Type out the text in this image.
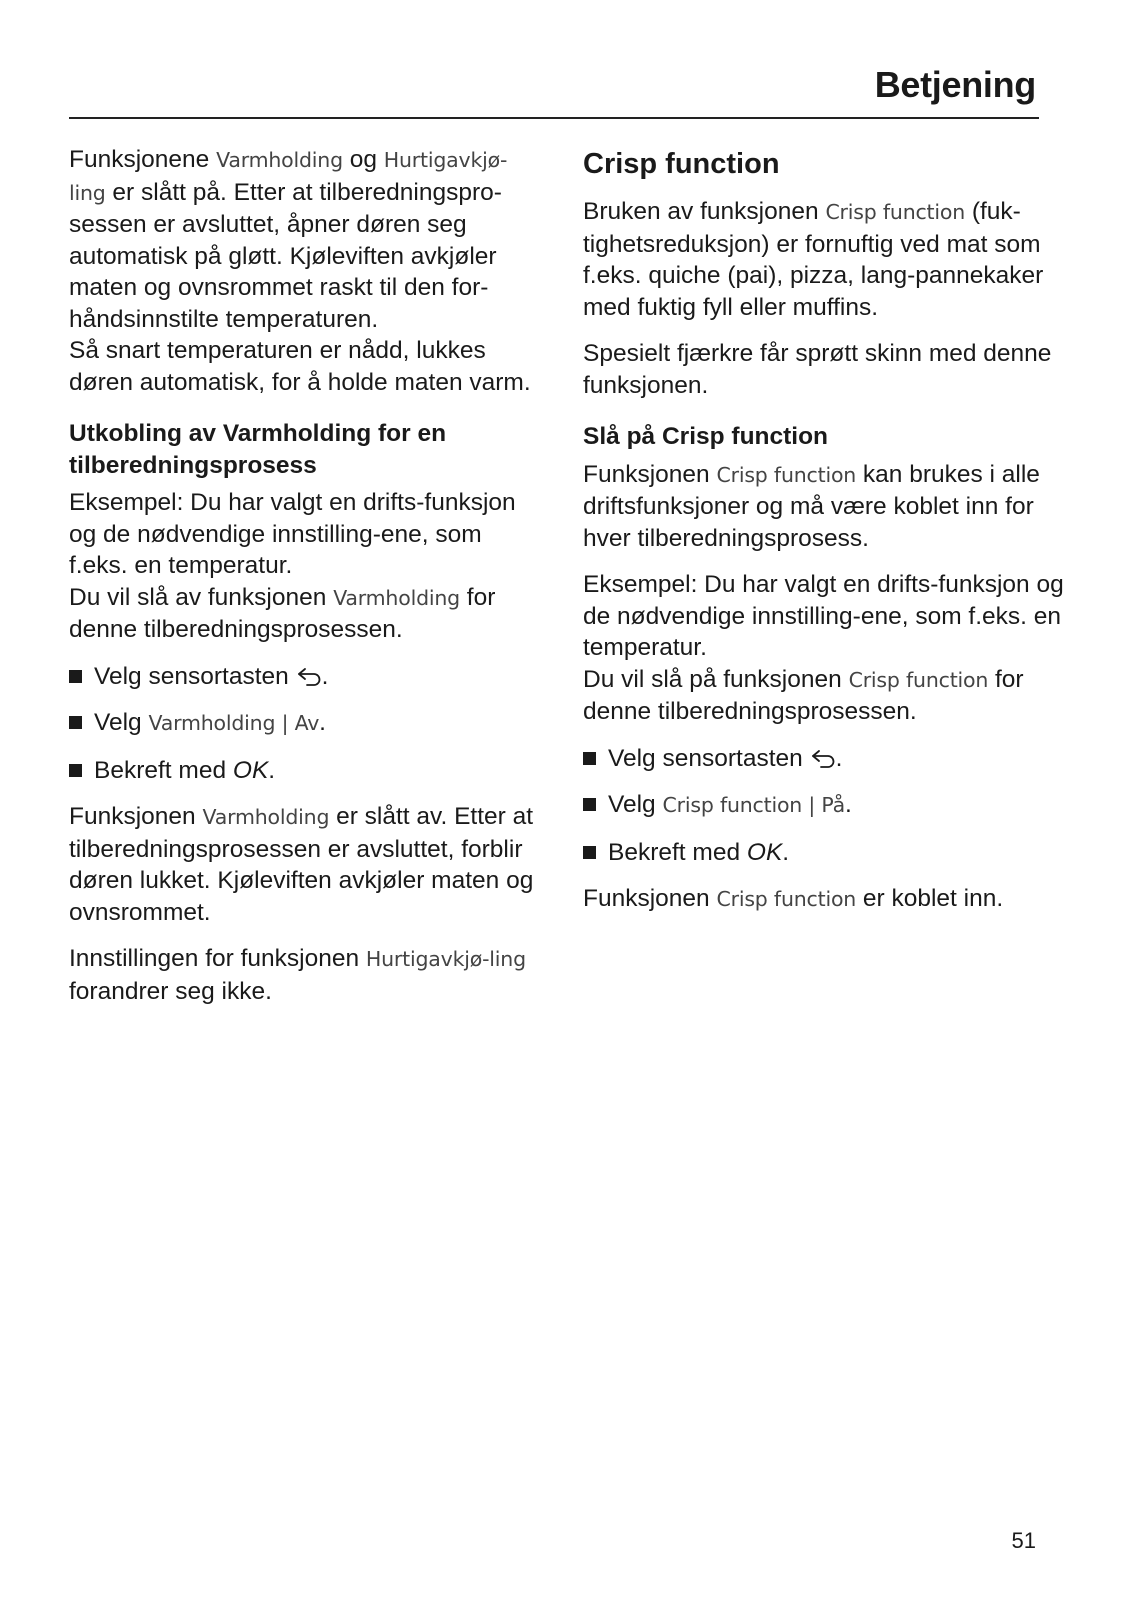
Betjening

Funksjonene Varmholding og Hurtigavkjø-ling er slått på. Etter at tilberedningspro-sessen er avsluttet, åpner døren seg automatisk på gløtt. Kjøleviften avkjøler maten og ovnsrommet raskt til den for-håndsinnstilte temperaturen.
Så snart temperaturen er nådd, lukkes døren automatisk, for å holde maten varm.

Utkobling av Varmholding for en tilberedningsprosess

Eksempel: Du har valgt en drifts-funksjon og de nødvendige innstilling-ene, som f.eks. en temperatur.
Du vil slå av funksjonen Varmholding for denne tilberedningsprosessen.

Velg sensortasten .
Velg Varmholding | Av.
Bekreft med OK.

Funksjonen Varmholding er slått av. Etter at tilberedningsprosessen er avsluttet, forblir døren lukket. Kjøleviften avkjøler maten og ovnsrommet.

Innstillingen for funksjonen Hurtigavkjø-ling forandrer seg ikke.

Crisp function

Bruken av funksjonen Crisp function (fuk-tighetsreduksjon) er fornuftig ved mat som f.eks. quiche (pai), pizza, lang-pannekaker med fuktig fyll eller muffins.

Spesielt fjærkre får sprøtt skinn med denne funksjonen.

Slå på Crisp function

Funksjonen Crisp function kan brukes i alle driftsfunksjoner og må være koblet inn for hver tilberedningsprosess.

Eksempel: Du har valgt en drifts-funksjon og de nødvendige innstilling-ene, som f.eks. en temperatur.
Du vil slå på funksjonen Crisp function for denne tilberedningsprosessen.

Velg sensortasten .
Velg Crisp function | På.
Bekreft med OK.

Funksjonen Crisp function er koblet inn.

51
